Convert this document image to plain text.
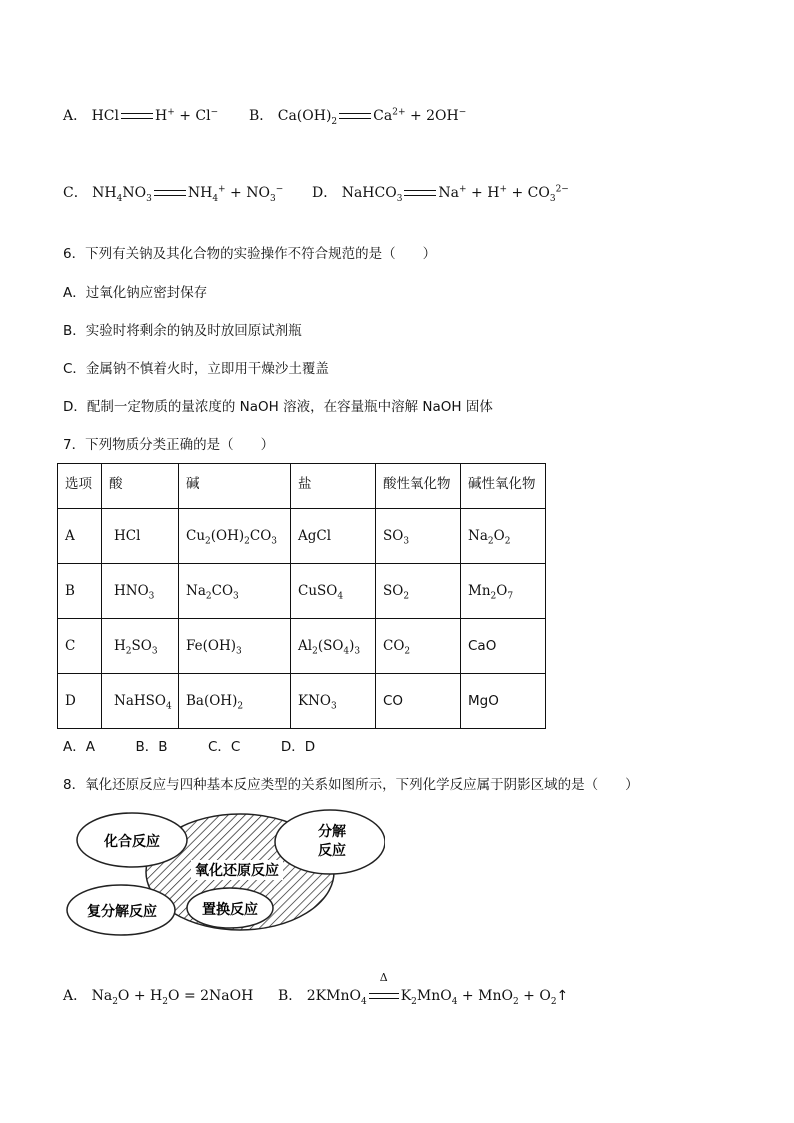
A． HCl	H+ + Cl− B． $Ca(OH)_2$	$Ca^{2+} + 2OH^-$
C． $NH_4NO_3$	$NH_4^+ + NO_3^-$ D． NaHCO$_3$	$Na^+ + H^+ + CO_3^{2-}$
6．下列有关钠及其化合物的实验操作不符合规范的是（　　）
A．过氧化钠应密封保存
B．实验时将剩余的钠及时放回原试剂瓶
C．金属钠不慎着火时，立即用干燥沙土覆盖
D．配制一定物质的量浓度的 NaOH 溶液，在容量瓶中溶解 NaOH 固体
7．下列物质分类正确的是（　　）
选项	酸	碱	盐	酸性氧化物	碱性氧化物
A	HCl	$Cu_2(OH)_2CO_3$	AgCl	$SO_3$	$Na_2O_2$
B	$HNO_3$	$Na_2CO_3$	CuSO$_4$	$SO_2$	$Mn_2O_7$
C	$H_2SO_3$	$Fe(OH)_3$	$Al_2(SO_4)_3$	$CO_2$	CaO
D	NaHSO$_4$	$Ba(OH)_2$	$KNO_3$	CO	MgO
A．A　　　B．B　　　C．C　　　D．D
8．氧化还原反应与四种基本反应类型的关系如图所示，下列化学反应属于阴影区域的是（　　）
氧化还原反应
化合反应
分解
反应
复分解反应	置换反应
A． $Na_2O + H_2O$ = 2NaOH B． 2KMnO$_4$
Δ
$K_2MnO_4 + MnO_2$ + $O_2↑$
